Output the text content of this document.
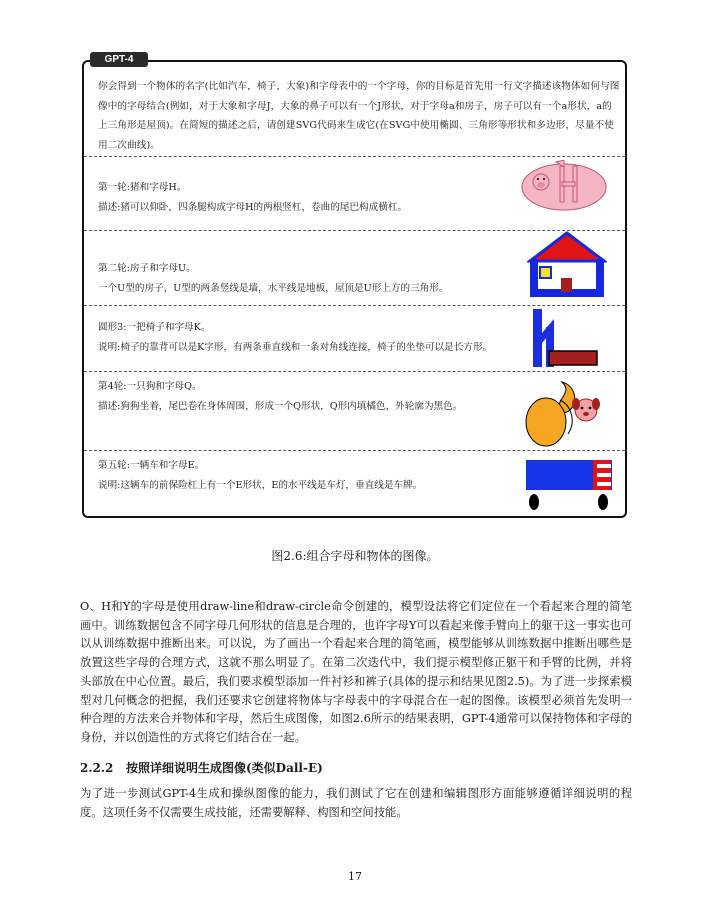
GPT-4
你会得到一个物体的名字(比如汽车，椅子，大象)和字母表中的一个字母，你的目标是首先用一行文字描述该物体如何与图像中的字母结合(例如，对于大象和字母J，大象的鼻子可以有一个J形状，对于字母a和房子，房子可以有一个a形状，a的上三角形是屋顶)。在简短的描述之后，请创建SVG代码来生成它(在SVG中使用椭圆、三角形等形状和多边形，尽量不使用二次曲线)。
第一轮:猪和字母H。
描述:猪可以仰卧，四条腿构成字母H的两根竖杠，卷曲的尾巴构成横杠。
第二轮:房子和字母U。
一个U型的房子，U型的两条竖线是墙，水平线是地板，屋顶是U形上方的三角形。
圆形3:一把椅子和字母K。
说明:椅子的靠背可以是K字形，有两条垂直线和一条对角线连接，椅子的坐垫可以是长方形。
第4轮:一只狗和字母Q。
描述:狗狗坐着，尾巴卷在身体周围，形成一个Q形状，Q形内填橘色，外轮廓为黑色。
第五轮:一辆车和字母E。
说明:这辆车的前保险杠上有一个E形状，E的水平线是车灯，垂直线是车牌。
图2.6:组合字母和物体的图像。
O、H和Y的字母是使用draw-line和draw-circle命令创建的，模型设法将它们定位在一个看起来合理的简笔画中。训练数据包含不同字母几何形状的信息是合理的，也许字母Y可以看起来像手臂向上的躯干这一事实也可以从训练数据中推断出来。可以说，为了画出一个看起来合理的简笔画，模型能够从训练数据中推断出哪些是放置这些字母的合理方式，这就不那么明显了。在第二次迭代中，我们提示模型修正躯干和手臂的比例，并将头部放在中心位置。最后，我们要求模型添加一件衬衫和裤子(具体的提示和结果见图2.5)。为了进一步探索模型对几何概念的把握，我们还要求它创建将物体与字母表中的字母混合在一起的图像。该模型必须首先发明一种合理的方法来合并物体和字母，然后生成图像，如图2.6所示的结果表明，GPT-4通常可以保持物体和字母的身份，并以创造性的方式将它们结合在一起。
2.2.2 按照详细说明生成图像(类似Dall-E)
为了进一步测试GPT-4生成和操纵图像的能力，我们测试了它在创建和编辑图形方面能够遵循详细说明的程度。这项任务不仅需要生成技能，还需要解释、构图和空间技能。
17
